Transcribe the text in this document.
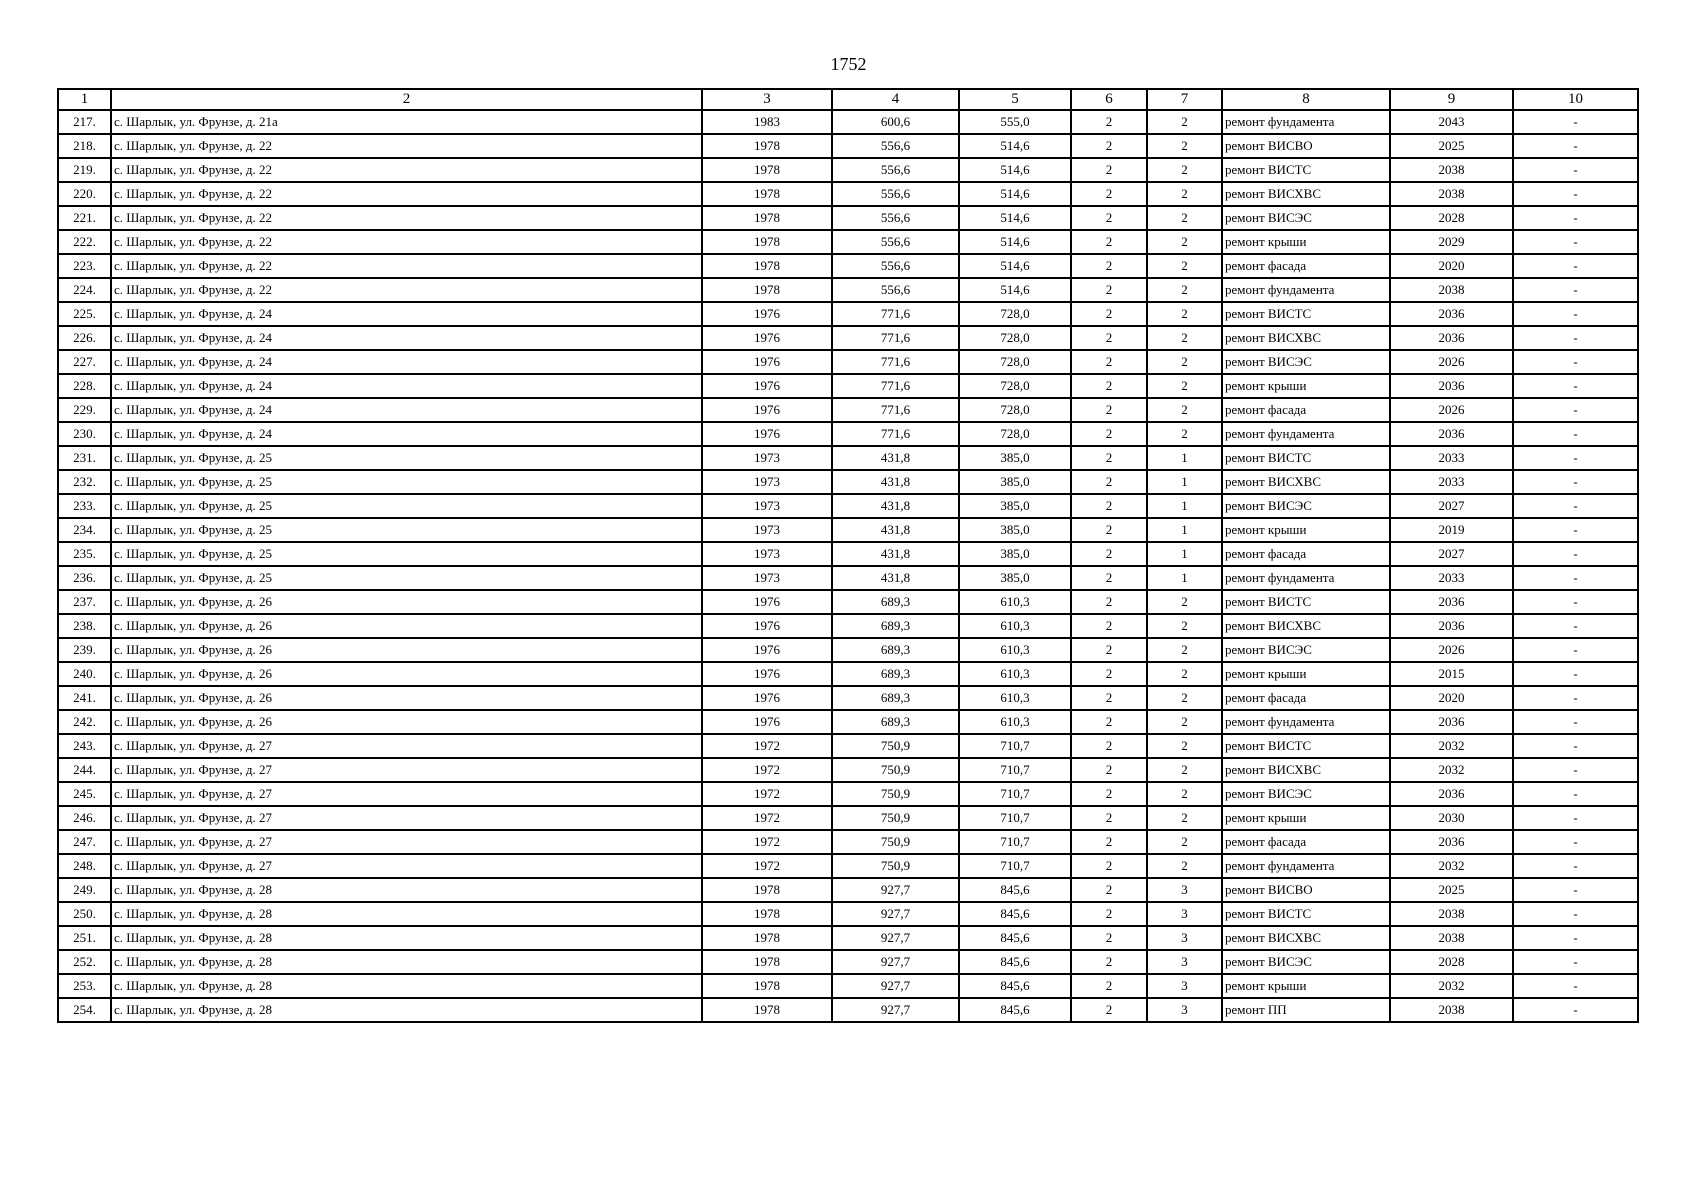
1752
1	2	3	4	5	6	7	8	9	10
217.	с. Шарлык, ул. Фрунзе, д. 21а	1983	600,6	555,0	2	2	ремонт фундамента	2043	-
218.	с. Шарлык, ул. Фрунзе, д. 22	1978	556,6	514,6	2	2	ремонт ВИСВО	2025	-
219.	с. Шарлык, ул. Фрунзе, д. 22	1978	556,6	514,6	2	2	ремонт ВИСТС	2038	-
220.	с. Шарлык, ул. Фрунзе, д. 22	1978	556,6	514,6	2	2	ремонт ВИСХВС	2038	-
221.	с. Шарлык, ул. Фрунзе, д. 22	1978	556,6	514,6	2	2	ремонт ВИСЭС	2028	-
222.	с. Шарлык, ул. Фрунзе, д. 22	1978	556,6	514,6	2	2	ремонт крыши	2029	-
223.	с. Шарлык, ул. Фрунзе, д. 22	1978	556,6	514,6	2	2	ремонт фасада	2020	-
224.	с. Шарлык, ул. Фрунзе, д. 22	1978	556,6	514,6	2	2	ремонт фундамента	2038	-
225.	с. Шарлык, ул. Фрунзе, д. 24	1976	771,6	728,0	2	2	ремонт ВИСТС	2036	-
226.	с. Шарлык, ул. Фрунзе, д. 24	1976	771,6	728,0	2	2	ремонт ВИСХВС	2036	-
227.	с. Шарлык, ул. Фрунзе, д. 24	1976	771,6	728,0	2	2	ремонт ВИСЭС	2026	-
228.	с. Шарлык, ул. Фрунзе, д. 24	1976	771,6	728,0	2	2	ремонт крыши	2036	-
229.	с. Шарлык, ул. Фрунзе, д. 24	1976	771,6	728,0	2	2	ремонт фасада	2026	-
230.	с. Шарлык, ул. Фрунзе, д. 24	1976	771,6	728,0	2	2	ремонт фундамента	2036	-
231.	с. Шарлык, ул. Фрунзе, д. 25	1973	431,8	385,0	2	1	ремонт ВИСТС	2033	-
232.	с. Шарлык, ул. Фрунзе, д. 25	1973	431,8	385,0	2	1	ремонт ВИСХВС	2033	-
233.	с. Шарлык, ул. Фрунзе, д. 25	1973	431,8	385,0	2	1	ремонт ВИСЭС	2027	-
234.	с. Шарлык, ул. Фрунзе, д. 25	1973	431,8	385,0	2	1	ремонт крыши	2019	-
235.	с. Шарлык, ул. Фрунзе, д. 25	1973	431,8	385,0	2	1	ремонт фасада	2027	-
236.	с. Шарлык, ул. Фрунзе, д. 25	1973	431,8	385,0	2	1	ремонт фундамента	2033	-
237.	с. Шарлык, ул. Фрунзе, д. 26	1976	689,3	610,3	2	2	ремонт ВИСТС	2036	-
238.	с. Шарлык, ул. Фрунзе, д. 26	1976	689,3	610,3	2	2	ремонт ВИСХВС	2036	-
239.	с. Шарлык, ул. Фрунзе, д. 26	1976	689,3	610,3	2	2	ремонт ВИСЭС	2026	-
240.	с. Шарлык, ул. Фрунзе, д. 26	1976	689,3	610,3	2	2	ремонт крыши	2015	-
241.	с. Шарлык, ул. Фрунзе, д. 26	1976	689,3	610,3	2	2	ремонт фасада	2020	-
242.	с. Шарлык, ул. Фрунзе, д. 26	1976	689,3	610,3	2	2	ремонт фундамента	2036	-
243.	с. Шарлык, ул. Фрунзе, д. 27	1972	750,9	710,7	2	2	ремонт ВИСТС	2032	-
244.	с. Шарлык, ул. Фрунзе, д. 27	1972	750,9	710,7	2	2	ремонт ВИСХВС	2032	-
245.	с. Шарлык, ул. Фрунзе, д. 27	1972	750,9	710,7	2	2	ремонт ВИСЭС	2036	-
246.	с. Шарлык, ул. Фрунзе, д. 27	1972	750,9	710,7	2	2	ремонт крыши	2030	-
247.	с. Шарлык, ул. Фрунзе, д. 27	1972	750,9	710,7	2	2	ремонт фасада	2036	-
248.	с. Шарлык, ул. Фрунзе, д. 27	1972	750,9	710,7	2	2	ремонт фундамента	2032	-
249.	с. Шарлык, ул. Фрунзе, д. 28	1978	927,7	845,6	2	3	ремонт ВИСВО	2025	-
250.	с. Шарлык, ул. Фрунзе, д. 28	1978	927,7	845,6	2	3	ремонт ВИСТС	2038	-
251.	с. Шарлык, ул. Фрунзе, д. 28	1978	927,7	845,6	2	3	ремонт ВИСХВС	2038	-
252.	с. Шарлык, ул. Фрунзе, д. 28	1978	927,7	845,6	2	3	ремонт ВИСЭС	2028	-
253.	с. Шарлык, ул. Фрунзе, д. 28	1978	927,7	845,6	2	3	ремонт крыши	2032	-
254.	с. Шарлык, ул. Фрунзе, д. 28	1978	927,7	845,6	2	3	ремонт ПП	2038	-
